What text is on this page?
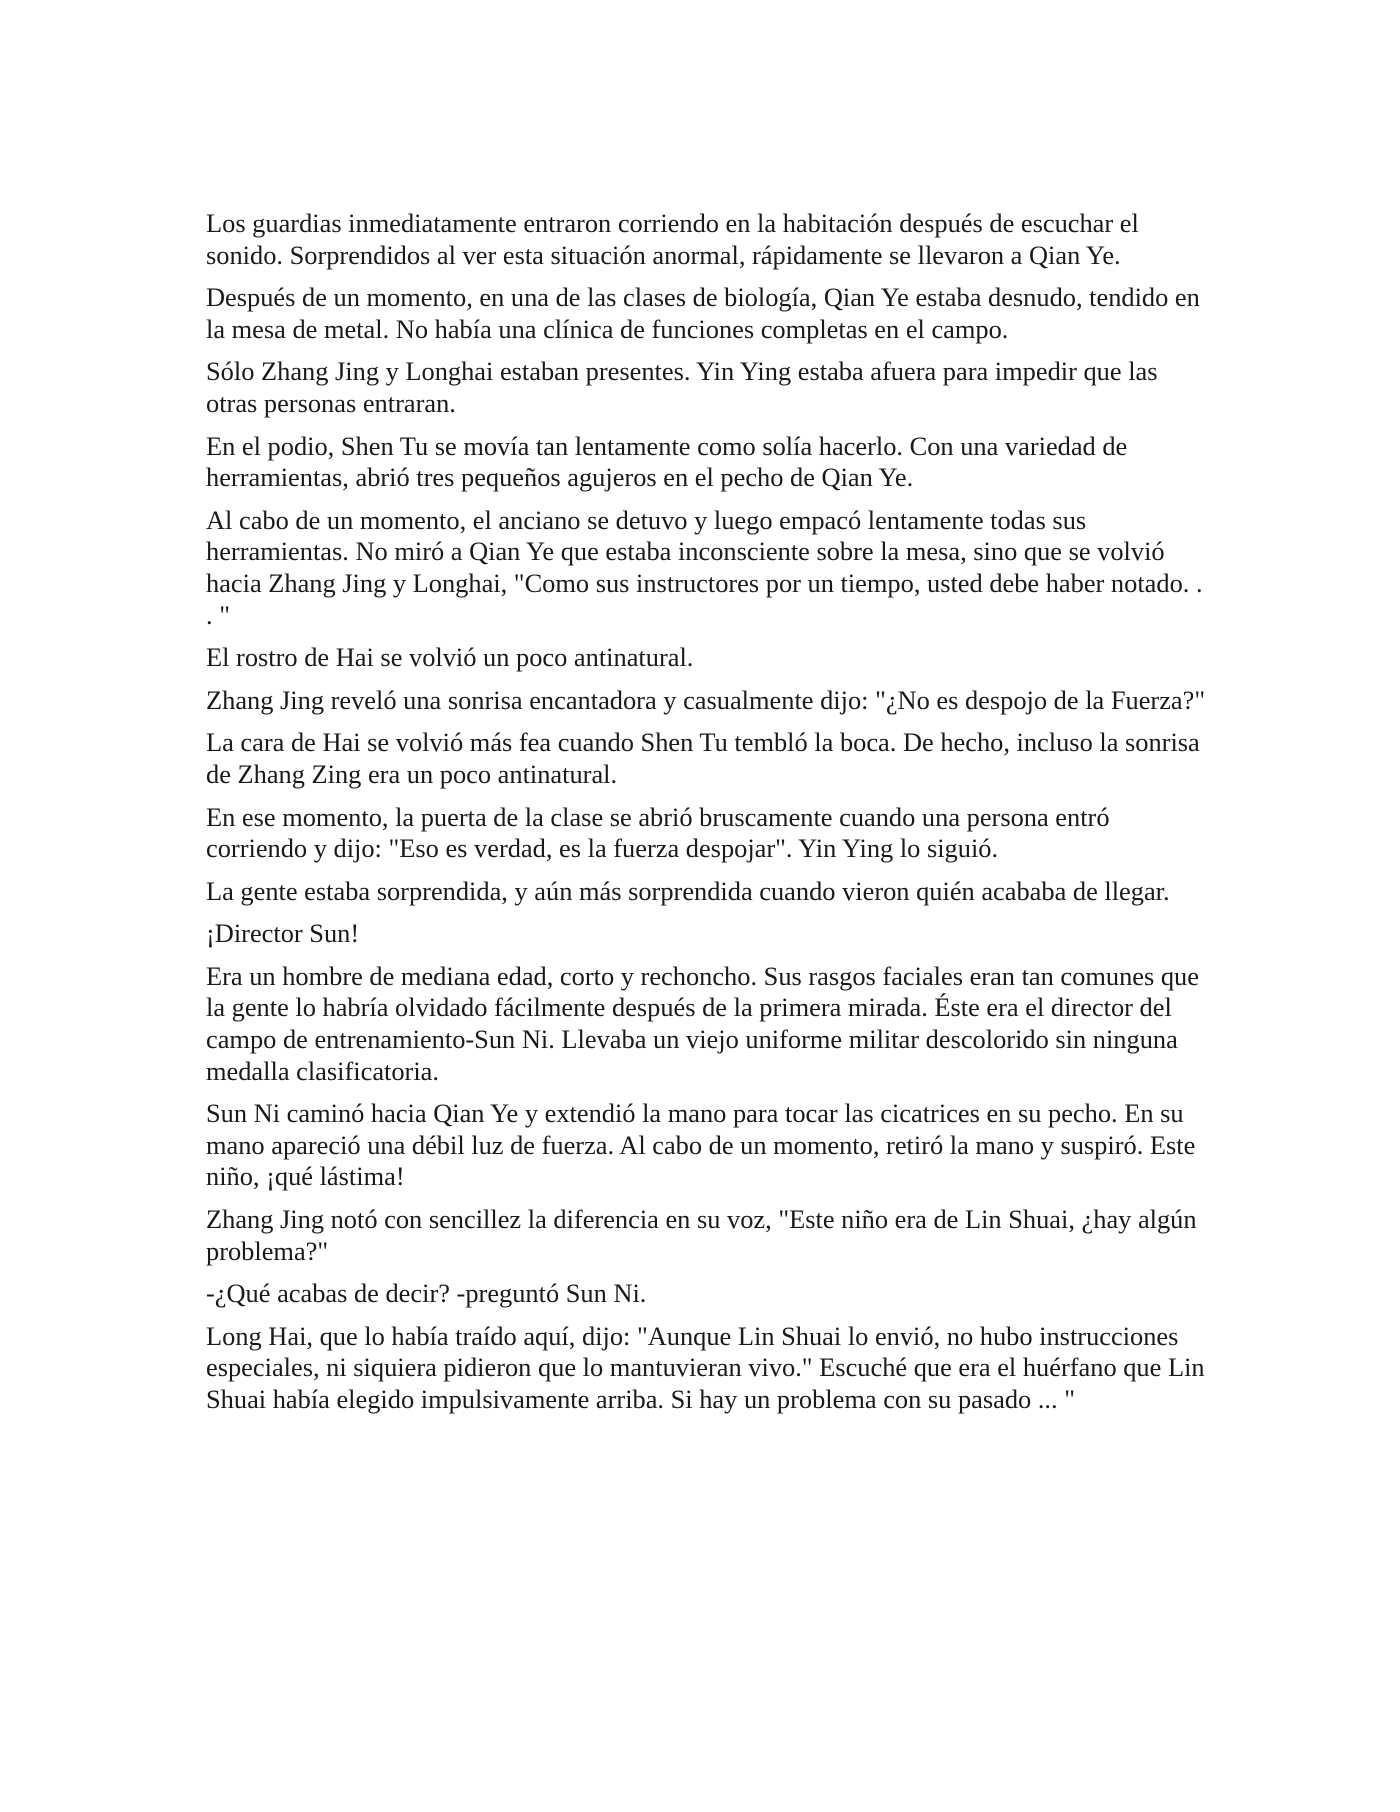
Los guardias inmediatamente entraron corriendo en la habitación después de escuchar el sonido. Sorprendidos al ver esta situación anormal, rápidamente se llevaron a Qian Ye.

Después de un momento, en una de las clases de biología, Qian Ye estaba desnudo, tendido en la mesa de metal. No había una clínica de funciones completas en el campo.

Sólo Zhang Jing y Longhai estaban presentes. Yin Ying estaba afuera para impedir que las otras personas entraran.

En el podio, Shen Tu se movía tan lentamente como solía hacerlo. Con una variedad de herramientas, abrió tres pequeños agujeros en el pecho de Qian Ye.

Al cabo de un momento, el anciano se detuvo y luego empacó lentamente todas sus herramientas. No miró a Qian Ye que estaba inconsciente sobre la mesa, sino que se volvió hacia Zhang Jing y Longhai, "Como sus instructores por un tiempo, usted debe haber notado. . . "

El rostro de Hai se volvió un poco antinatural.

Zhang Jing reveló una sonrisa encantadora y casualmente dijo: "¿No es despojo de la Fuerza?"

La cara de Hai se volvió más fea cuando Shen Tu tembló la boca. De hecho, incluso la sonrisa de Zhang Zing era un poco antinatural.

En ese momento, la puerta de la clase se abrió bruscamente cuando una persona entró corriendo y dijo: "Eso es verdad, es la fuerza despojar". Yin Ying lo siguió.

La gente estaba sorprendida, y aún más sorprendida cuando vieron quién acababa de llegar.

¡Director Sun!

Era un hombre de mediana edad, corto y rechoncho. Sus rasgos faciales eran tan comunes que la gente lo habría olvidado fácilmente después de la primera mirada. Éste era el director del campo de entrenamiento-Sun Ni. Llevaba un viejo uniforme militar descolorido sin ninguna medalla clasificatoria.

Sun Ni caminó hacia Qian Ye y extendió la mano para tocar las cicatrices en su pecho. En su mano apareció una débil luz de fuerza. Al cabo de un momento, retiró la mano y suspiró. Este niño, ¡qué lástima!

Zhang Jing notó con sencillez la diferencia en su voz, "Este niño era de Lin Shuai, ¿hay algún problema?"

-¿Qué acabas de decir? -preguntó Sun Ni.

Long Hai, que lo había traído aquí, dijo: "Aunque Lin Shuai lo envió, no hubo instrucciones especiales, ni siquiera pidieron que lo mantuvieran vivo." Escuché que era el huérfano que Lin Shuai había elegido impulsivamente arriba. Si hay un problema con su pasado ... "
